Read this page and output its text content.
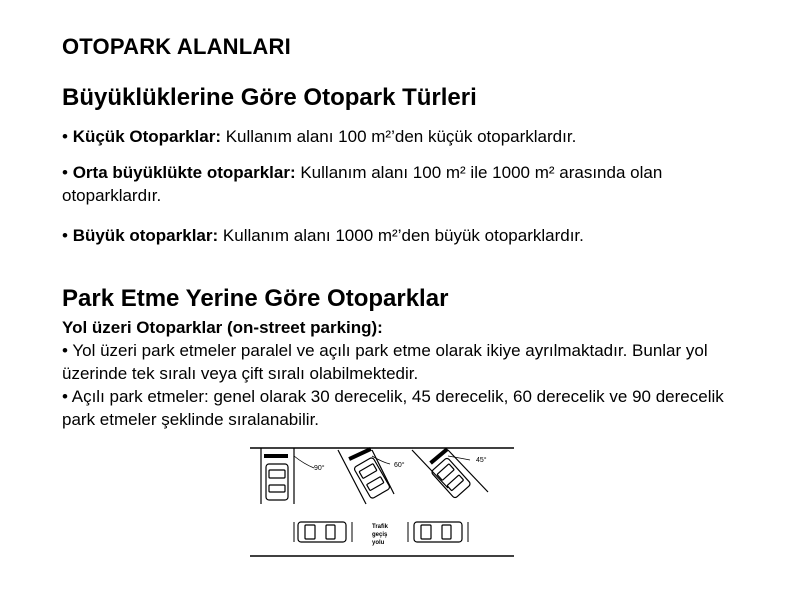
OTOPARK ALANLARI
Büyüklüklerine Göre Otopark Türleri
• Küçük Otoparklar: Kullanım alanı 100 m²’den küçük otoparklardır.
• Orta büyüklükte otoparklar: Kullanım alanı 100 m² ile 1000 m² arasında olan otoparklardır.
• Büyük otoparklar: Kullanım alanı 1000 m²’den büyük otoparklardır.
Park Etme Yerine Göre Otoparklar
Yol üzeri Otoparklar (on-street parking):
• Yol üzeri park etmeler paralel ve açılı park etme olarak ikiye ayrılmaktadır. Bunlar yol üzerinde tek sıralı veya çift sıralı olabilmektedir.
• Açılı park etmeler: genel olarak 30 derecelik, 45 derecelik, 60 derecelik ve 90 derecelik park etmeler şeklinde sıralanabilir.
90°	60°
45°
Trafik
geçiş
yolu
